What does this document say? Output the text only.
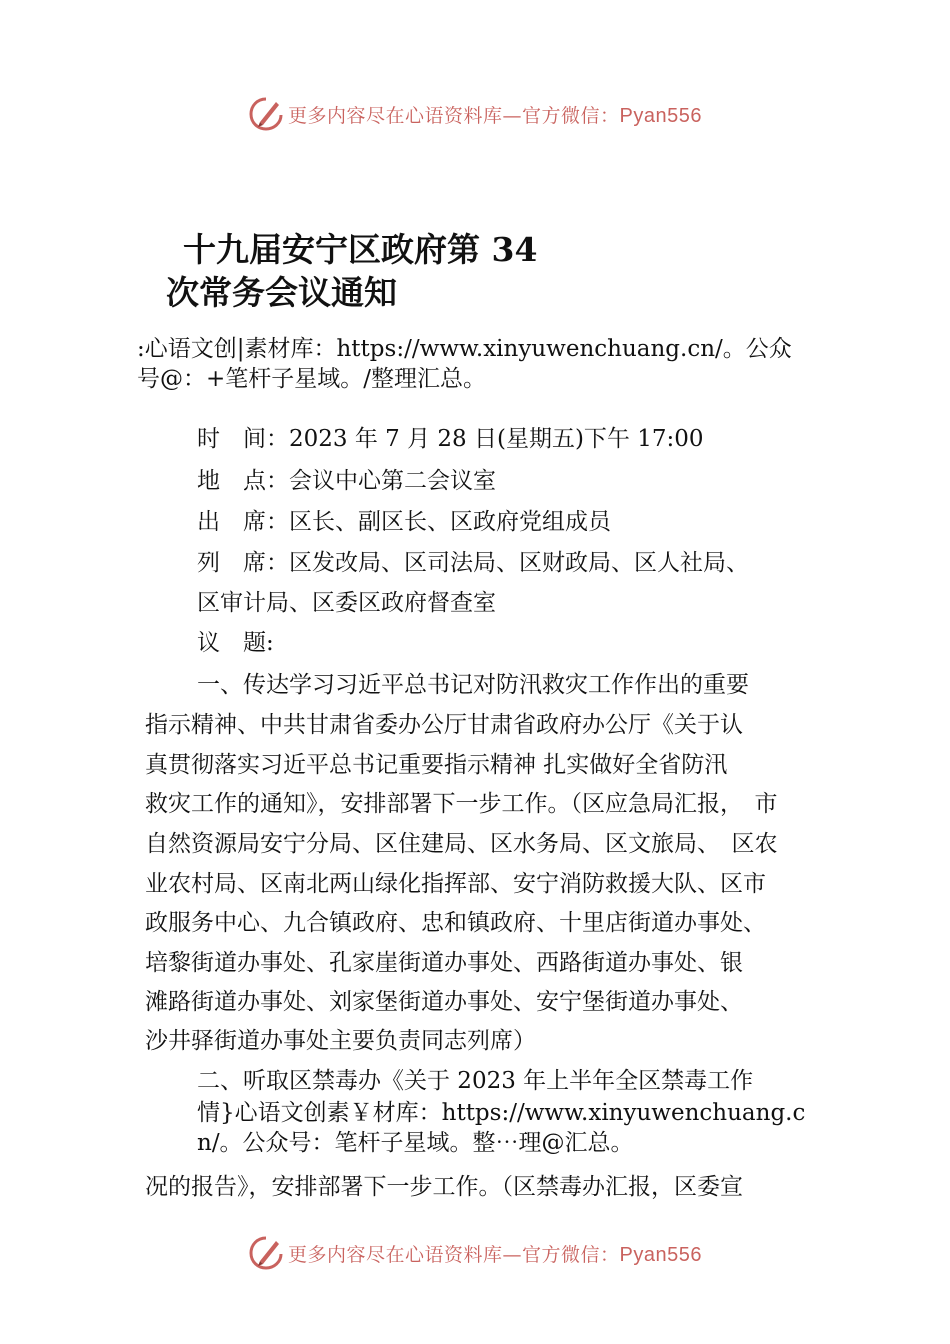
更多内容尽在心语资料库—官方微信：Pyan556
十九届安宁区政府第 34
次常务会议通知
:心语文创|素材库：https://www.xinyuwenchuang.cn/。公众
号@：+笔杆子星域。/整理汇总。
时　间：2023 年 7 月 28 日(星期五)下午 17:00
地　点：会议中心第二会议室
出　席：区长、副区长、区政府党组成员
列　席：区发改局、区司法局、区财政局、区人社局、
区审计局、区委区政府督查室
议　题:
一、传达学习习近平总书记对防汛救灾工作作出的重要
指示精神、中共甘肃省委办公厅甘肃省政府办公厅《关于认
真贯彻落实习近平总书记重要指示精神 扎实做好全省防汛
救灾工作的通知》，安排部署下一步工作。（区应急局汇报，　市
自然资源局安宁分局、区住建局、区水务局、区文旅局、　区农
业农村局、区南北两山绿化指挥部、安宁消防救援大队、区市
政服务中心、九合镇政府、忠和镇政府、十里店街道办事处、
培黎街道办事处、孔家崖街道办事处、西路街道办事处、银
滩路街道办事处、刘家堡街道办事处、安宁堡街道办事处、
沙井驿街道办事处主要负责同志列席）
二、听取区禁毒办《关于 2023 年上半年全区禁毒工作
情}心语文创素￥材库：https://www.xinyuwenchuang.c
n/。公众号：笔杆子星域。整⋯理@汇总。
况的报告》，安排部署下一步工作。（区禁毒办汇报，区委宣
更多内容尽在心语资料库—官方微信：Pyan556
